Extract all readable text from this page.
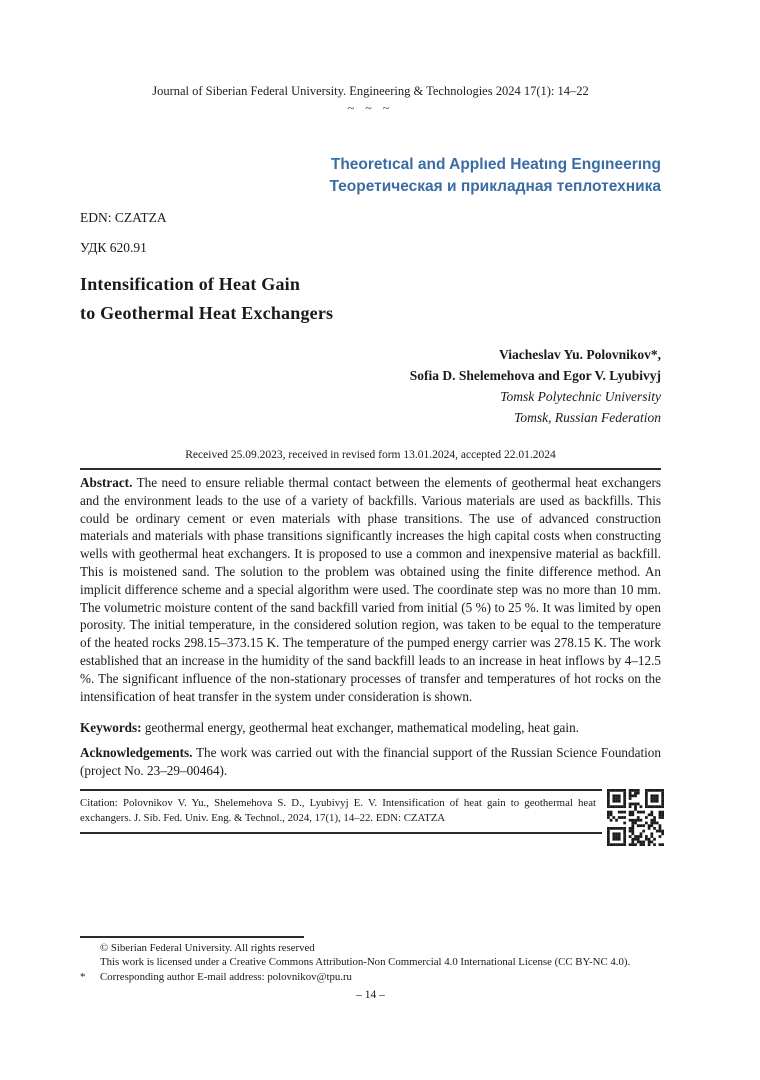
Journal of Siberian Federal University. Engineering & Technologies 2024 17(1): 14–22
~ ~ ~
Theoretıcal and Applıed Heatıng Engıneerıng
Теоретическая и прикладная теплотехника
EDN: CZATZA
УДК 620.91
Intensification of Heat Gain
to Geothermal Heat Exchangers
Viacheslav Yu. Polovnikov*,
Sofia D. Shelemehova and Egor V. Lyubivyj
Tomsk Polytechnic University
Tomsk, Russian Federation
Received 25.09.2023, received in revised form 13.01.2024, accepted 22.01.2024

Abstract. The need to ensure reliable thermal contact between the elements of geothermal heat exchangers and the environment leads to the use of a variety of backfills. Various materials are used as backfills. This could be ordinary cement or even materials with phase transitions. The use of advanced construction materials and materials with phase transitions significantly increases the high capital costs when constructing wells with geothermal heat exchangers. It is proposed to use a common and inexpensive material as backfill. This is moistened sand. The solution to the problem was obtained using the finite difference method. An implicit difference scheme and a special algorithm were used. The coordinate step was no more than 10 mm. The volumetric moisture content of the sand backfill varied from initial (5 %) to 25 %. It was limited by open porosity. The initial temperature, in the considered solution region, was taken to be equal to the temperature of the heated rocks 298.15–373.15 K. The temperature of the pumped energy carrier was 278.15 K. The work established that an increase in the humidity of the sand backfill leads to an increase in heat inflows by 4–12.5 %. The significant influence of the non-stationary processes of transfer and temperatures of hot rocks on the intensification of heat transfer in the system under consideration is shown.

Keywords: geothermal energy, geothermal heat exchanger, mathematical modeling, heat gain.

Acknowledgements. The work was carried out with the financial support of the Russian Science Foundation (project No. 23–29–00464).

Citation: Polovnikov V. Yu., Shelemehova S. D., Lyubivyj E. V. Intensification of heat gain to geothermal heat exchangers. J. Sib. Fed. Univ. Eng. & Technol., 2024, 17(1), 14–22. EDN: CZATZA
© Siberian Federal University. All rights reserved
This work is licensed under a Creative Commons Attribution-Non Commercial 4.0 International License (CC BY-NC 4.0).
* Corresponding author E-mail address: polovnikov@tpu.ru
– 14 –
